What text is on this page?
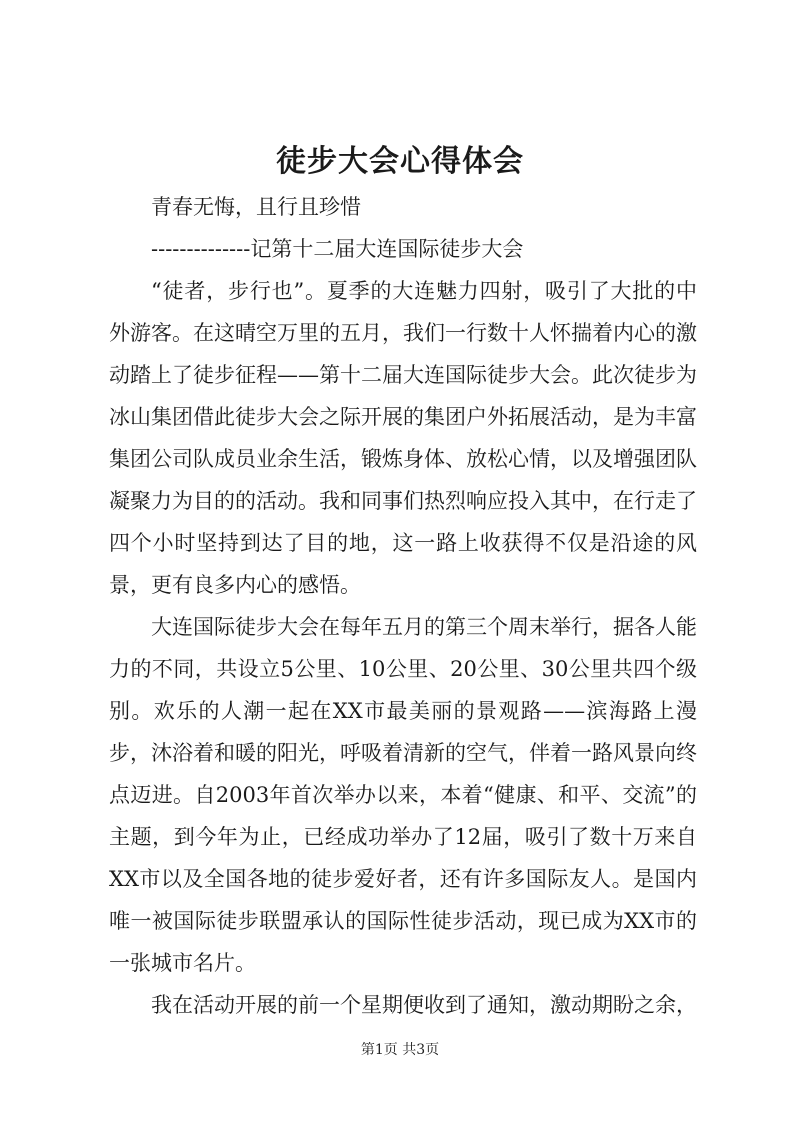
徒步大会心得体会

青春无悔，且行且珍惜

--------------记第十二届大连国际徒步大会

“徒者，步行也”。夏季的大连魅力四射，吸引了大批的中外游客。在这晴空万里的五月，我们一行数十人怀揣着内心的激动踏上了徒步征程——第十二届大连国际徒步大会。此次徒步为冰山集团借此徒步大会之际开展的集团户外拓展活动，是为丰富集团公司队成员业余生活，锻炼身体、放松心情，以及增强团队凝聚力为目的的活动。我和同事们热烈响应投入其中，在行走了四个小时坚持到达了目的地，这一路上收获得不仅是沿途的风景，更有良多内心的感悟。

大连国际徒步大会在每年五月的第三个周末举行，据各人能力的不同，共设立5公里、10公里、20公里、30公里共四个级别。欢乐的人潮一起在XX市最美丽的景观路——滨海路上漫步，沐浴着和暖的阳光，呼吸着清新的空气，伴着一路风景向终点迈进。自2003年首次举办以来，本着“健康、和平、交流”的主题，到今年为止，已经成功举办了12届，吸引了数十万来自XX市以及全国各地的徒步爱好者，还有许多国际友人。是国内唯一被国际徒步联盟承认的国际性徒步活动，现已成为XX市的一张城市名片。

我在活动开展的前一个星期便收到了通知，激动期盼之余，

第1页 共3页
